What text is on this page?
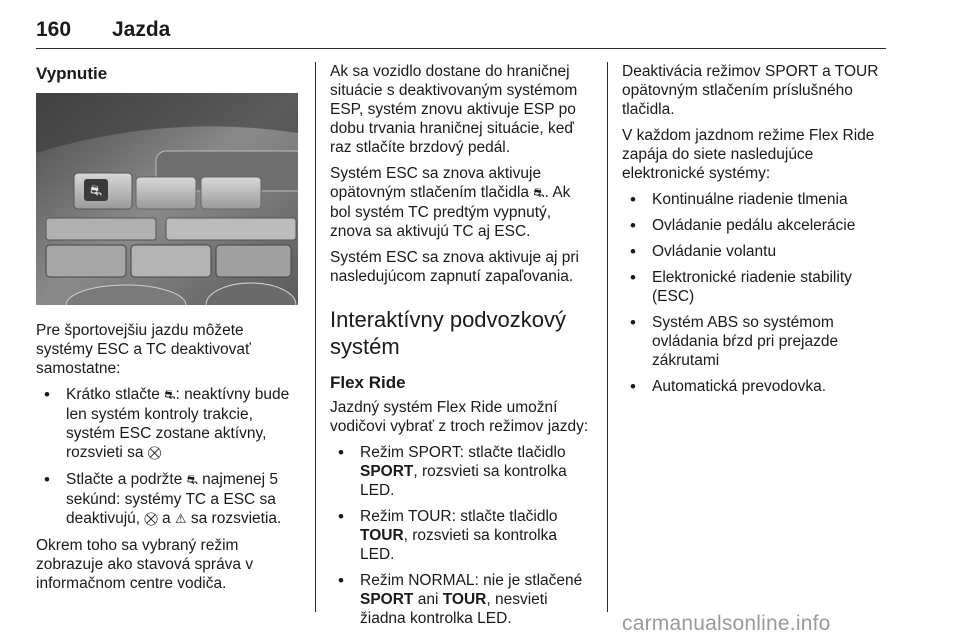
160 Jazda
Vypnutie
⛐

Pre športovejšiu jazdu môžete systémy ESC a TC deaktivovať samostatne:

• Krátko stlačte ⛐: neaktívny bude len systém kontroly trakcie, systém ESC zostane aktívny, rozsvieti sa ⛒
• Stlačte a podržte ⛐ najmenej 5 sekúnd: systémy TC a ESC sa deaktivujú, ⛒ a ⚠ sa rozsvietia.

Okrem toho sa vybraný režim zobrazuje ako stavová správa v informačnom centre vodiča.

Ak sa vozidlo dostane do hraničnej situácie s deaktivovaným systémom ESP, systém znovu aktivuje ESP po dobu trvania hraničnej situácie, keď raz stlačíte brzdový pedál.

Systém ESC sa znova aktivuje opätovným stlačením tlačidla ⛐. Ak bol systém TC predtým vypnutý, znova sa aktivujú TC aj ESC.

Systém ESC sa znova aktivuje aj pri nasledujúcom zapnutí zapaľovania.

Interaktívny podvozkový systém
Flex Ride

Jazdný systém Flex Ride umožní vodičovi vybrať z troch režimov jazdy:

• Režim SPORT: stlačte tlačidlo SPORT, rozsvieti sa kontrolka LED.
• Režim TOUR: stlačte tlačidlo TOUR, rozsvieti sa kontrolka LED.
• Režim NORMAL: nie je stlačené SPORT ani TOUR, nesvieti žiadna kontrolka LED.

Deaktivácia režimov SPORT a TOUR opätovným stlačením príslušného tlačidla.

V každom jazdnom režime Flex Ride zapája do siete nasledujúce elektronické systémy:

• Kontinuálne riadenie tlmenia
• Ovládanie pedálu akcelerácie
• Ovládanie volantu
• Elektronické riadenie stability (ESC)
• Systém ABS so systémom ovládania bŕzd pri prejazde zákrutami
• Automatická prevodovka.
carmanualsonline.info
